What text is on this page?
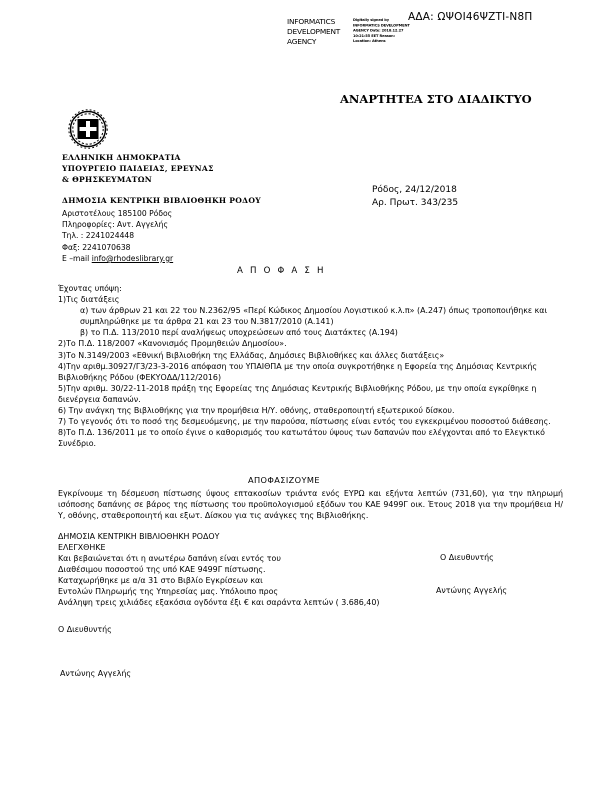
ΑΔΑ: ΩΨΟΙ46ΨΖΤΙ-Ν8Π
INFORMATICS DEVELOPMENT AGENCY
Digitally signed by INFORMATICS DEVELOPMENT AGENCY Date: 2018.12.27 10:21:55 EET Reason: Location: Athens
ΑΝΑΡΤΗΤΕΑ ΣΤΟ ΔΙΑΔΙΚΤΥΟ
ΕΛΛΗΝΙΚΗ ΔΗΜΟΚΡΑΤΙΑ
ΥΠΟΥΡΓΕΙΟ ΠΑΙΔΕΙΑΣ, ΕΡΕΥΝΑΣ
& ΘΡΗΣΚΕΥΜΑΤΩΝ
ΔΗΜΟΣΙΑ ΚΕΝΤΡΙΚΗ ΒΙΒΛΙΟΘΗΚΗ ΡΟΔΟΥ
Αριστοτέλους 185100 Ρόδος
Πληροφορίες: Αντ. Αγγελής
Τηλ. : 2241024448
Φαξ: 2241070638
E –mail info@rhodeslibrary.gr
Ρόδος, 24/12/2018
Αρ. Πρωτ. 343/235
Α Π Ο Φ Α Σ Η

Έχοντας υπόψη:

1)Τις διατάξεις

α) των άρθρων 21 και 22 του Ν.2362/95 «Περί Κώδικος Δημοσίου Λογιστικού κ.λ.π» (Α.247) όπως τροποποιήθηκε και συμπληρώθηκε με τα άρθρα 21 και 23 του Ν.3817/2010 (Α.141)

β) το Π.Δ. 113/2010 περί αναλήψεως υποχρεώσεων από τους Διατάκτες (Α.194)

2)Το Π.Δ. 118/2007 «Κανονισμός Προμηθειών Δημοσίου».

3)Το Ν.3149/2003 «Εθνική Βιβλιοθήκη της Ελλάδας, Δημόσιες Βιβλιοθήκες και άλλες διατάξεις»

4)Την αριθμ.30927/Γ3/23-3-2016 απόφαση του ΥΠΑΙΘΠΑ με την οποία συγκροτήθηκε η Εφορεία της Δημόσιας Κεντρικής Βιβλιοθήκης Ρόδου (ΦΕΚΥΟΔΔ/112/2016)

5)Την αριθμ. 30/22-11-2018 πράξη της Εφορείας της Δημόσιας Κεντρικής Βιβλιοθήκης Ρόδου, με την οποία εγκρίθηκε η διενέργεια δαπανών.

6) Την ανάγκη της Βιβλιοθήκης για την προμήθεια Η/Υ. οθόνης, σταθεροποιητή εξωτερικού δίσκου.

7) Το γεγονός ότι το ποσό της δεσμευόμενης, με την παρούσα, πίστωσης είναι εντός του εγκεκριμένου ποσοστού διάθεσης.

8)Το Π.Δ. 136/2011 με το οποίο έγινε ο καθορισμός του κατωτάτου ύψους των δαπανών που ελέγχονται από το Ελεγκτικό Συνέδριο.

ΑΠΟΦΑΣΙΖΟΥΜΕ

Εγκρίνουμε τη δέσμευση πίστωσης ύψους επτακοσίων τριάντα ενός ΕΥΡΩ και εξήντα λεπτών (731,60), για την πληρωμή ισόποσης δαπάνης σε βάρος της πίστωσης του προϋπολογισμού εξόδων του ΚΑΕ 9499Γ οικ. Έτους 2018 για την προμήθεια Η/Υ, οθόνης, σταθεροποιητή και εξωτ. Δίσκου για τις ανάγκες της Βιβλιοθήκης.

ΔΗΜΟΣΙΑ ΚΕΝΤΡΙΚΗ ΒΙΒΛΙΟΘΗΚΗ ΡΟΔΟΥ

ΕΛΕΓΧΘΗΚΕ

Και βεβαιώνεται ότι η ανωτέρω δαπάνη είναι εντός του

Διαθέσιμου ποσοστού της υπό ΚΑΕ 9499Γ πίστωσης.

Καταχωρήθηκε με α/α 31 στο Βιβλίο Εγκρίσεων και

Εντολών Πληρωμής της Υπηρεσίας μας. Υπόλοιπο προς

Ο Διευθυντής
Αντώνης Αγγελής
Ανάληψη τρεις χιλιάδες εξακόσια ογδόντα έξι € και σαράντα λεπτών ( 3.686,40)
Ο Διευθυντής
Αντώνης Αγγελής
